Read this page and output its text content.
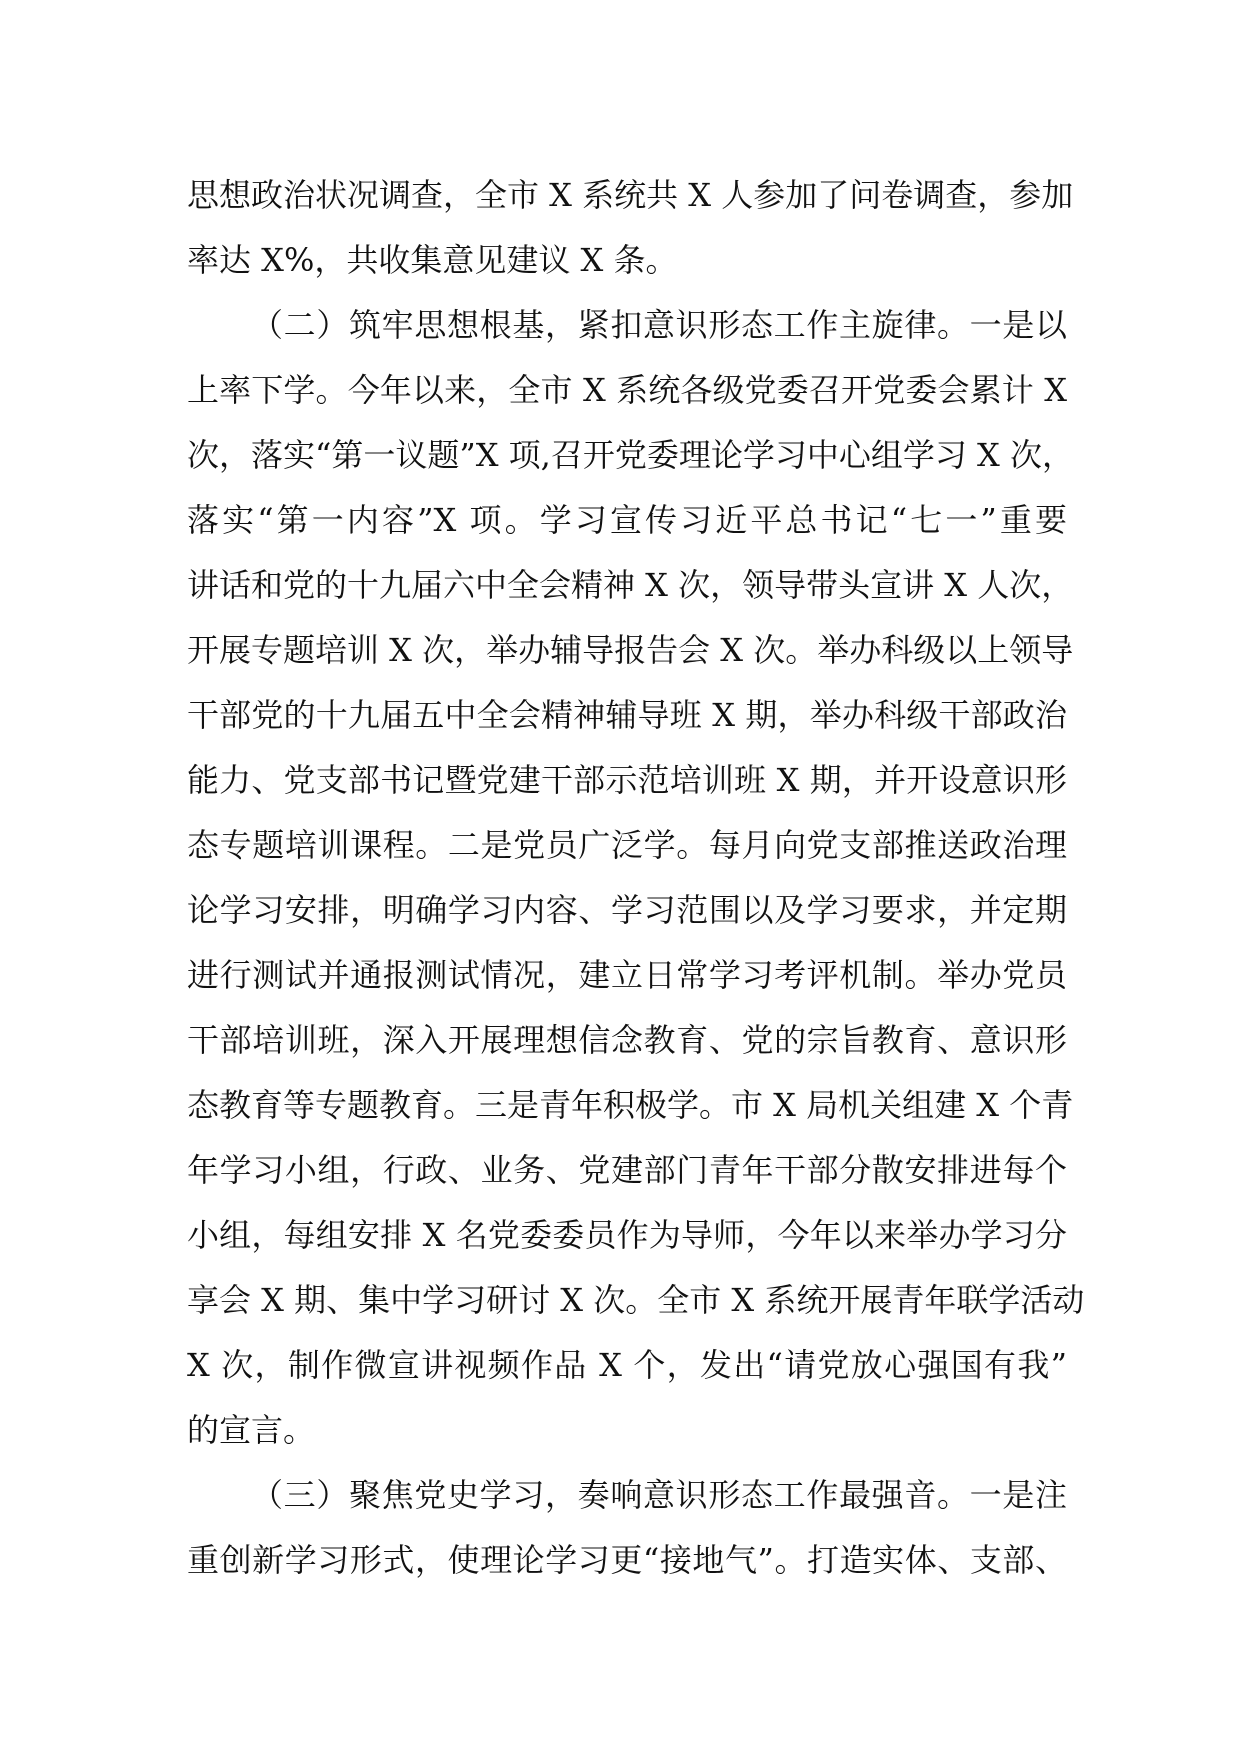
思想政治状况调查，全市 X 系统共 X 人参加了问卷调查，参加
率达 X%，共收集意见建议 X 条。
（二）筑牢思想根基，紧扣意识形态工作主旋律。一是以
上率下学。今年以来，全市 X 系统各级党委召开党委会累计 X
次，落实“第一议题”X 项,召开党委理论学习中心组学习 X 次，
落实“第一内容”X 项。学习宣传习近平总书记“七一”重要
讲话和党的十九届六中全会精神 X 次，领导带头宣讲 X 人次，
开展专题培训 X 次，举办辅导报告会 X 次。举办科级以上领导
干部党的十九届五中全会精神辅导班 X 期，举办科级干部政治
能力、党支部书记暨党建干部示范培训班 X 期，并开设意识形
态专题培训课程。二是党员广泛学。每月向党支部推送政治理
论学习安排，明确学习内容、学习范围以及学习要求，并定期
进行测试并通报测试情况，建立日常学习考评机制。举办党员
干部培训班，深入开展理想信念教育、党的宗旨教育、意识形
态教育等专题教育。三是青年积极学。市 X 局机关组建 X 个青
年学习小组，行政、业务、党建部门青年干部分散安排进每个
小组，每组安排 X 名党委委员作为导师，今年以来举办学习分
享会 X 期、集中学习研讨 X 次。全市 X 系统开展青年联学活动
X 次，制作微宣讲视频作品 X 个，发出“请党放心强国有我”
的宣言。
（三）聚焦党史学习，奏响意识形态工作最强音。一是注
重创新学习形式，使理论学习更“接地气”。打造实体、支部、
